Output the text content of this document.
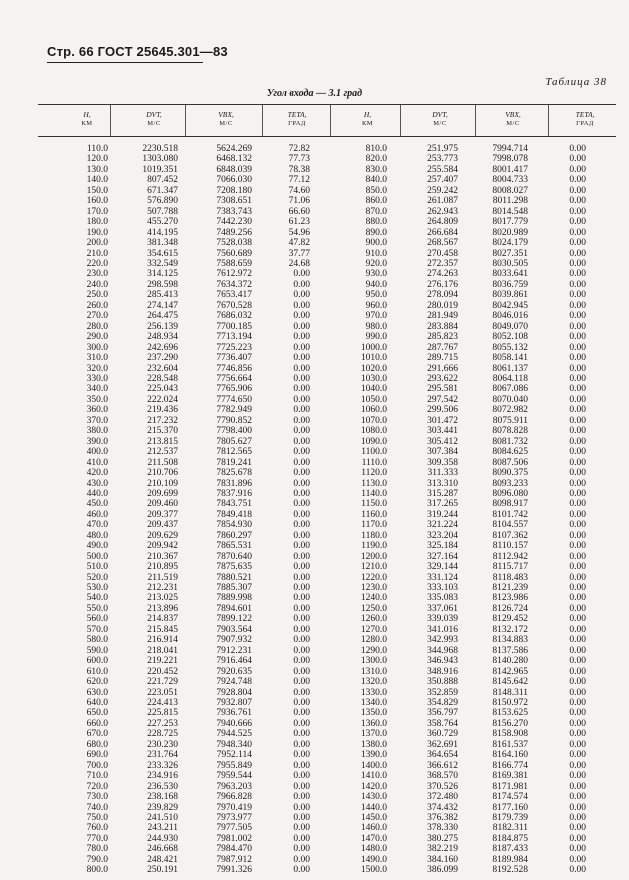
Стр. 66 ГОСТ 25645.301—83
Таблица 38
Угол входа — 3.1 град
H,
КМ
DVT,
М/С
VBX,
М/С
TETA,
ГРАД
H,
КМ
DVT,
М/С
VBX,
М/С
TETA,
ГРАД
110.0
120.0
130.0
140.0
150.0
160.0
170.0
180.0
190.0
200.0
210.0
220.0
230.0
240.0
250.0
260.0
270.0
280.0
290.0
300.0
310.0
320.0
330.0
340.0
350.0
360.0
370.0
380.0
390.0
400.0
410.0
420.0
430.0
440.0
450.0
460.0
470.0
480.0
490.0
500.0
510.0
520.0
530.0
540.0
550.0
560.0
570.0
580.0
590.0
600.0
610.0
620.0
630.0
640.0
650.0
660.0
670.0
680.0
690.0
700.0
710.0
720.0
730.0
740.0
750.0
760.0
770.0
780.0
790.0
800.0
2230.518
1303.080
1019.351
807.452
671.347
576.890
507.788
455.270
414.195
381.348
354.615
332.549
314.125
298.598
285.413
274.147
264.475
256.139
248.934
242.696
237.290
232.604
228.548
225.043
222.024
219.436
217.232
215.370
213.815
212.537
211.508
210.706
210.109
209.699
209.460
209.377
209.437
209.629
209.942
210.367
210.895
211.519
212.231
213.025
213.896
214.837
215.845
216.914
218.041
219.221
220.452
221.729
223.051
224.413
225.815
227.253
228.725
230.230
231.764
233.326
234.916
236.530
238.168
239.829
241.510
243.211
244.930
246.668
248.421
250.191
5624.269
6468.132
6848.039
7066.030
7208.180
7308.651
7383.743
7442.230
7489.256
7528.038
7560.689
7588.659
7612.972
7634.372
7653.417
7670.528
7686.032
7700.185
7713.194
7725.223
7736.407
7746.856
7756.664
7765.906
7774.650
7782.949
7790.852
7798.400
7805.627
7812.565
7819.241
7825.678
7831.896
7837.916
7843.751
7849.418
7854.930
7860.297
7865.531
7870.640
7875.635
7880.521
7885.307
7889.998
7894.601
7899.122
7903.564
7907.932
7912.231
7916.464
7920.635
7924.748
7928.804
7932.807
7936.761
7940.666
7944.525
7948.340
7952.114
7955.849
7959.544
7963.203
7966.828
7970.419
7973.977
7977.505
7981.002
7984.470
7987.912
7991.326
72.82
77.73
78.38
77.12
74.60
71.06
66.60
61.23
54.96
47.82
37.77
24.68
0.00
0.00
0.00
0.00
0.00
0.00
0.00
0.00
0.00
0.00
0.00
0.00
0.00
0.00
0.00
0.00
0.00
0.00
0.00
0.00
0.00
0.00
0.00
0.00
0.00
0.00
0.00
0.00
0.00
0.00
0.00
0.00
0.00
0.00
0.00
0.00
0.00
0.00
0.00
0.00
0.00
0.00
0.00
0.00
0.00
0.00
0.00
0.00
0.00
0.00
0.00
0.00
0.00
0.00
0.00
0.00
0.00
0.00
810.0
820.0
830.0
840.0
850.0
860.0
870.0
880.0
890.0
900.0
910.0
920.0
930.0
940.0
950.0
960.0
970.0
980.0
990.0
1000.0
1010.0
1020.0
1030.0
1040.0
1050.0
1060.0
1070.0
1080.0
1090.0
1100.0
1110.0
1120.0
1130.0
1140.0
1150.0
1160.0
1170.0
1180.0
1190.0
1200.0
1210.0
1220.0
1230.0
1240.0
1250.0
1260.0
1270.0
1280.0
1290.0
1300.0
1310.0
1320.0
1330.0
1340.0
1350.0
1360.0
1370.0
1380.0
1390.0
1400.0
1410.0
1420.0
1430.0
1440.0
1450.0
1460.0
1470.0
1480.0
1490.0
1500.0
251.975
253.773
255.584
257.407
259.242
261.087
262.943
264.809
266.684
268.567
270.458
272.357
274.263
276.176
278.094
280.019
281.949
283.884
285.823
287.767
289.715
291.666
293.622
295.581
297.542
299.506
301.472
303.441
305.412
307.384
309.358
311.333
313.310
315.287
317.265
319.244
321.224
323.204
325.184
327.164
329.144
331.124
333.103
335.083
337.061
339.039
341.016
342.993
344.968
346.943
348.916
350.888
352.859
354.829
356.797
358.764
360.729
362.691
364.654
366.612
368.570
370.526
372.480
374.432
376.382
378.330
380.275
382.219
384.160
386.099
7994.714
7998.078
8001.417
8004.733
8008.027
8011.298
8014.548
8017.779
8020.989
8024.179
8027.351
8030.505
8033.641
8036.759
8039.861
8042.945
8046.016
8049.070
8052.108
8055.132
8058.141
8061.137
8064.118
8067.086
8070.040
8072.982
8075.911
8078.828
8081.732
8084.625
8087.506
8090.375
8093.233
8096.080
8098.917
8101.742
8104.557
8107.362
8110.157
8112.942
8115.717
8118.483
8121.239
8123.986
8126.724
8129.452
8132.172
8134.883
8137.586
8140.280
8142.965
8145.642
8148.311
8150.972
8153.625
8156.270
8158.908
8161.537
8164.160
8166.774
8169.381
8171.981
8174.574
8177.160
8179.739
8182.311
8184.875
8187.433
8189.984
8192.528
0.00
0.00
0.00
0.00
0.00
0.00
0.00
0.00
0.00
0.00
0.00
0.00
0.00
0.00
0.00
0.00
0.00
0.00
0.00
0.00
0.00
0.00
0.00
0.00
0.00
0.00
0.00
0.00
0.00
0.00
0.00
0.00
0.00
0.00
0.00
0.00
0.00
0.00
0.00
0.00
0.00
0.00
0.00
0.00
0.00
0.00
0.00
0.00
0.00
0.00
0.00
0.00
0.00
0.00
0.00
0.00
0.00
0.00
0.00
0.00
0.00
0.00
0.00
0.00
0.00
0.00
0.00
0.00
0.00
0.00
